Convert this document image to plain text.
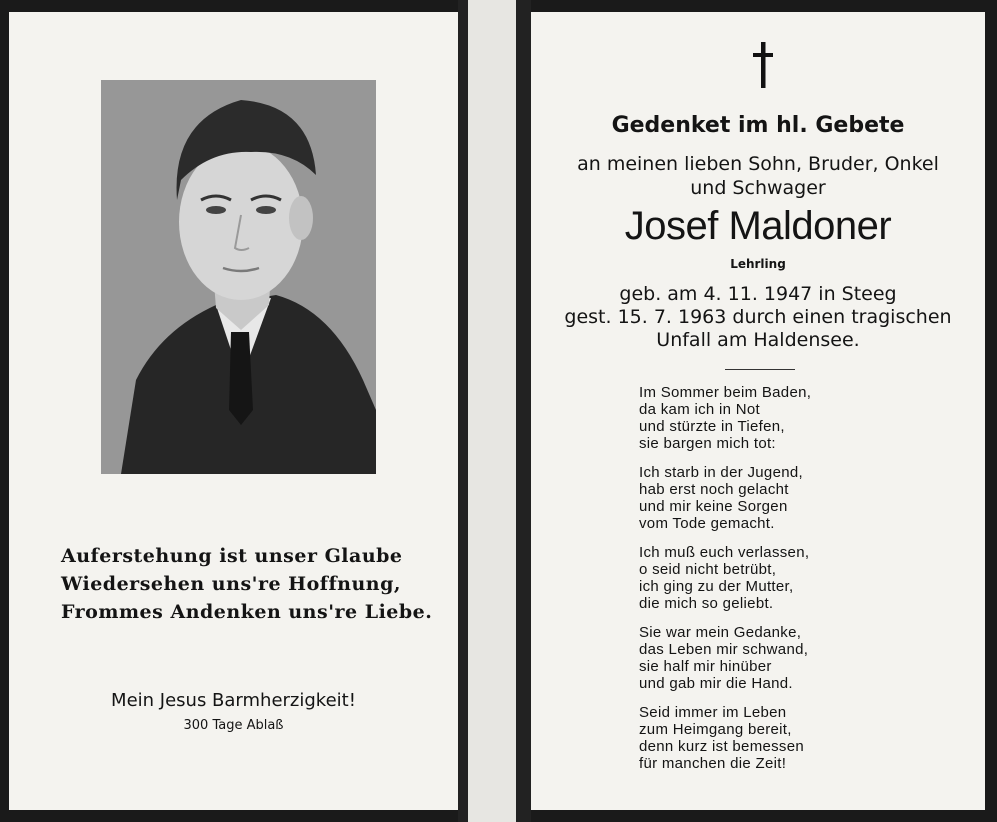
Auferstehung ist unser Glaube
Wiedersehen uns're Hoffnung,
Frommes Andenken uns're Liebe.
Mein Jesus Barmherzigkeit!
300 Tage Ablaß
Gedenket im hl. Gebete
an meinen lieben Sohn, Bruder, Onkel
und Schwager
Josef Maldoner
Lehrling
geb. am 4. 11. 1947 in Steeg
gest. 15. 7. 1963 durch einen tragischen
Unfall am Haldensee.
Im Sommer beim Baden,
da kam ich in Not
und stürzte in Tiefen,
sie bargen mich tot:
Ich starb in der Jugend,
hab erst noch gelacht
und mir keine Sorgen
vom Tode gemacht.
Ich muß euch verlassen,
o seid nicht betrübt,
ich ging zu der Mutter,
die mich so geliebt.
Sie war mein Gedanke,
das Leben mir schwand,
sie half mir hinüber
und gab mir die Hand.
Seid immer im Leben
zum Heimgang bereit,
denn kurz ist bemessen
für manchen die Zeit!
